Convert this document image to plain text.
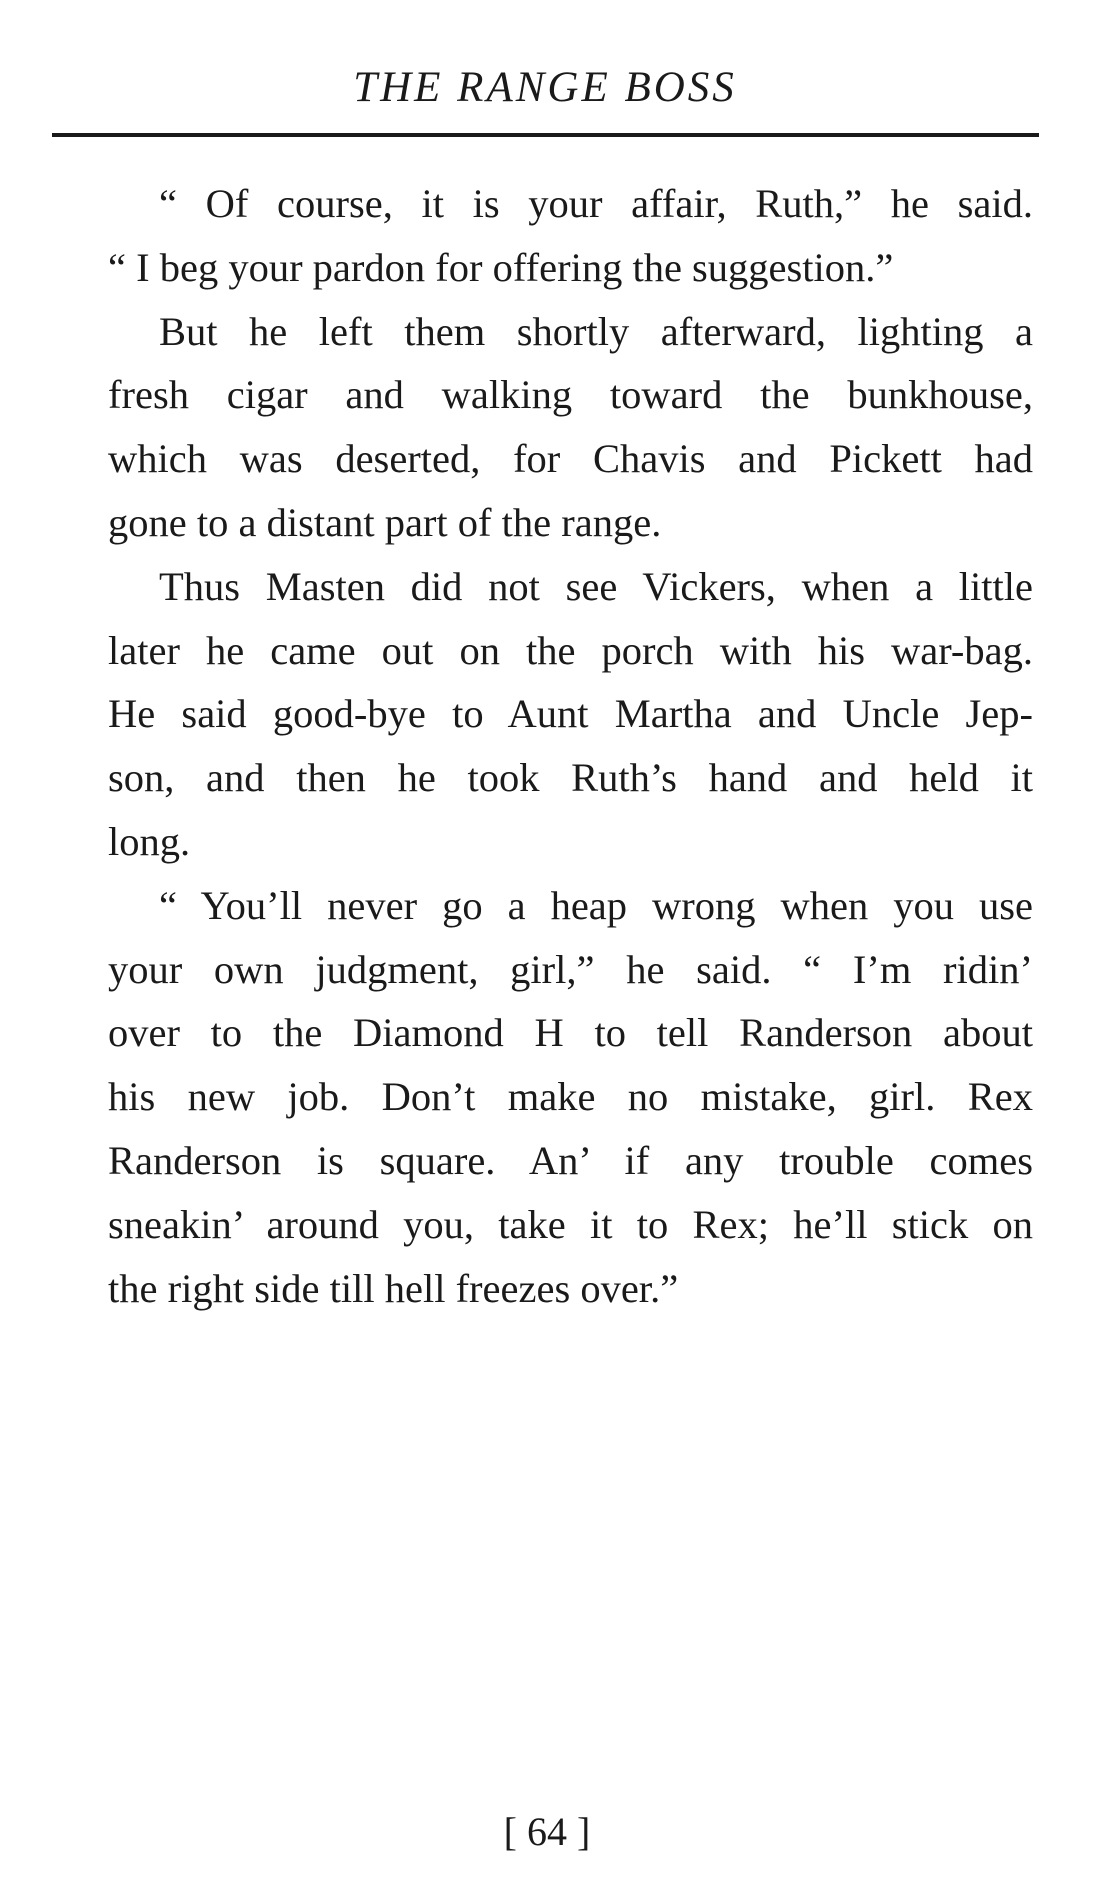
THE RANGE BOSS
“ Of course, it is your affair, Ruth,” he said.
“ I beg your pardon for offering the suggestion.”
But he left them shortly afterward, lighting a
fresh cigar and walking toward the bunkhouse,
which was deserted, for Chavis and Pickett had
gone to a distant part of the range.
Thus Masten did not see Vickers, when a little
later he came out on the porch with his war-bag.
He said good-bye to Aunt Martha and Uncle Jep-
son, and then he took Ruth’s hand and held it
long.
“ You’ll never go a heap wrong when you use
your own judgment, girl,” he said. “ I’m ridin’
over to the Diamond H to tell Randerson about
his new job. Don’t make no mistake, girl. Rex
Randerson is square. An’ if any trouble comes
sneakin’ around you, take it to Rex; he’ll stick on
the right side till hell freezes over.”
[ 64 ]
